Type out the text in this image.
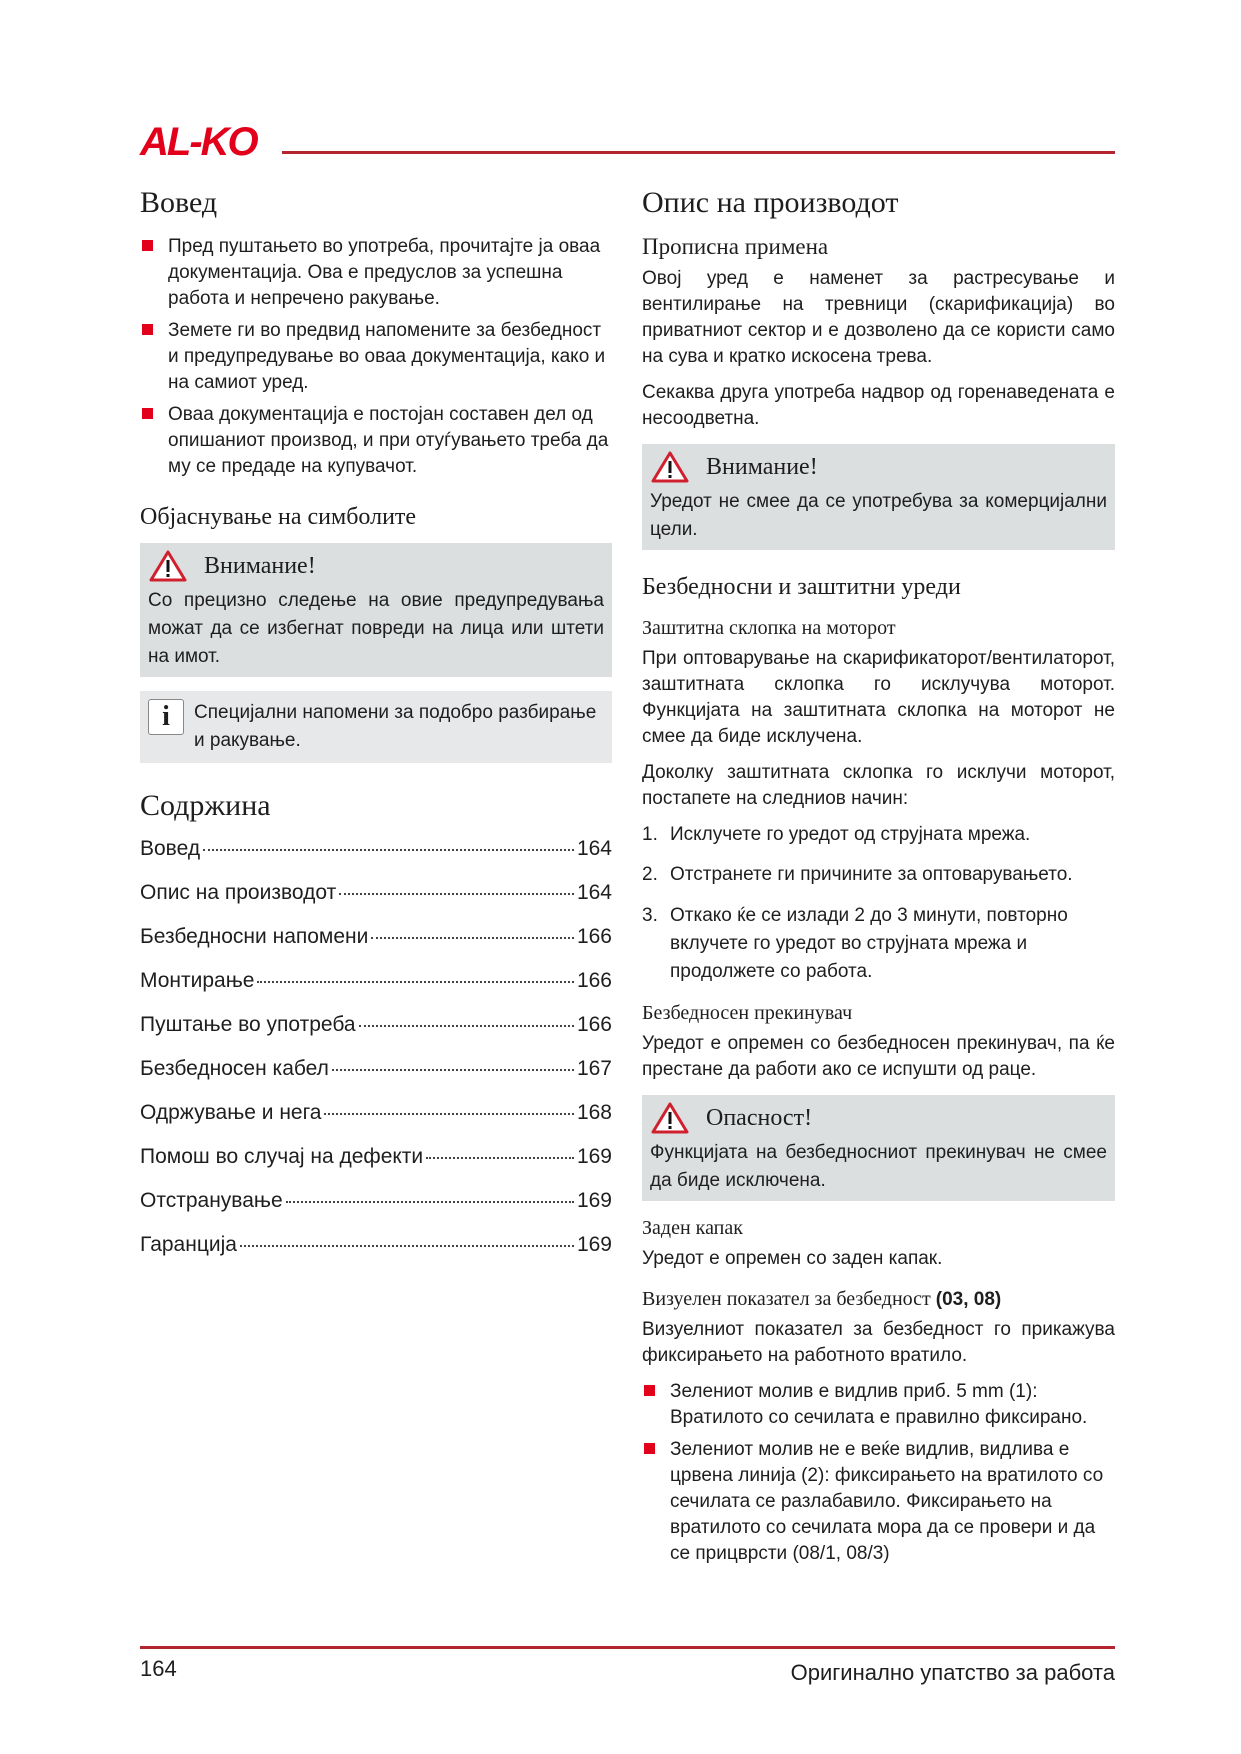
AL-KO
Вовед
Пред пуштањето во употреба, прочитајте ја оваа документација. Ова е предуслов за успешна работа и непречено ракување.
Земете ги во предвид напомените за безбедност и предупредување во оваа документација, како и на самиот уред.
Оваа документација е постојан составен дел од опишаниот производ, и при отуѓувањето треба да му се предаде на купувачот.
Објаснување на симболите
Внимание!

Со прецизно следење на овие предупредувања можат да се избегнат повреди на лица или штети на имот.

i	Специјални напомени за подобро разбирање и ракување.

Содржина
Вовед	164
Опис на производот	164
Безбедносни напомени	166
Монтирање	166
Пуштање во употреба	166
Безбедносен кабел	167
Одржување и нега	168
Помош во случај на дефекти	169
Отстранување	169
Гаранција	169
Опис на производот
Прописна примена

Овој уред е наменет за растресување и вентилирање на тревници (скарификација) во приватниот сектор и е дозволено да се користи само на сува и кратко искосена трева.

Секаква друга употреба надвор од горенаведената е несоодветна.

Внимание!

Уредот не смее да се употребува за комерцијални цели.

Безбедносни и заштитни уреди
Заштитна склопка на моторот

При оптоварување на скарификаторот/вентилаторот, заштитната склопка го исклучува моторот. Функцијата на заштитната склопка на моторот не смее да биде исклучена.

Доколку заштитната склопка го исклучи моторот, постапете на следниов начин:

1. Исклучете го уредот од струјната мрежа.
2. Отстранете ги причините за оптоварувањето.
3. Откако ќе се излади 2 до 3 минути, повторно вклучете го уредот во струјната мрежа и продолжете со работа.
Безбедносен прекинувач

Уредот е опремен со безбедносен прекинувач, па ќе престане да работи ако се испушти од раце.

Опасност!

Функцијата на безбедносниот прекинувач не смее да биде исключена.

Заден капак

Уредот е опремен со заден капак.

Визуелен показател за безбедност (03, 08)

Визуелниот показател за безбедност го прикажува фиксирањето на работното вратило.

Зелениот молив е видлив приб. 5 mm (1): Вратилото со сечилата е правилно фиксирано.
Зелениот молив не е веќе видлив, видлива е црвена линија (2): фиксирањето на вратилото со сечилата се разлабавило. Фиксирањето на вратилото со сечилата мора да се провери и да се прицврсти (08/1, 08/3)
164	Оригинално упатство за работа
